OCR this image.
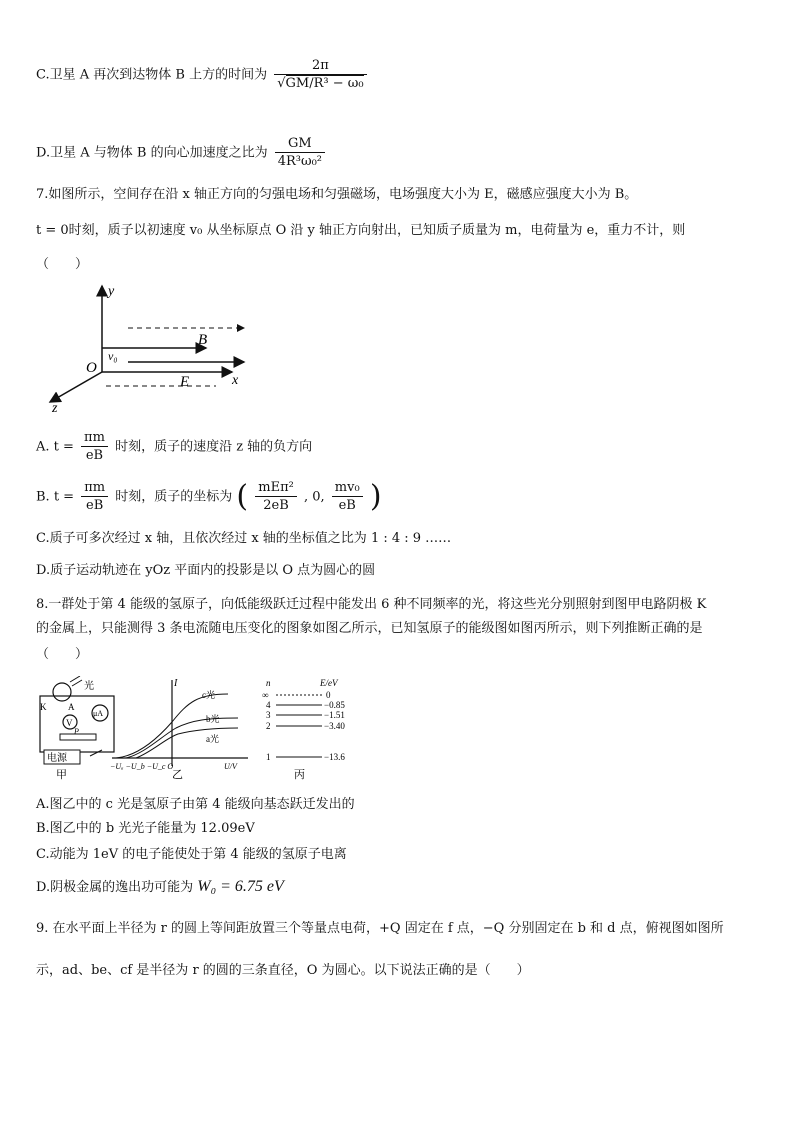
C.卫星 A 再次到达物体 B 上方的时间为 $\frac{2\pi}{\text{√GM/R³ − ω₀}}$
D.卫星 A 与物体 B 的向心加速度之比为 $\frac{GM}{\text{4R³ω₀²}}$
7.如图所示，空间存在沿 x 轴正方向的匀强电场和匀强磁场，电场强度大小为 E，磁感应强度大小为 B。
t = 0时刻，质子以初速度 v₀ 从坐标原点 O 沿 y 轴正方向射出，已知质子质量为 m，电荷量为 e，重力不计，则
（　　）
y
B
v₀
O
x
E
z
A. $t = \frac{\pi m}{eB}$ 时刻，质子的速度沿 z 轴的负方向
B. $t = \frac{\pi m}{eB}$ 时刻，质子的坐标为 ( $\frac{\text{mEπ²}}{2eB}$ , 0, $\frac{\text{mv₀}}{eB}$ )
C.质子可多次经过 x 轴，且依次经过 x 轴的坐标值之比为 1 : 4 : 9 ……
D.质子运动轨迹在 yOz 平面内的投影是以 O 点为圆心的圆
8.一群处于第 4 能级的氢原子，向低能级跃迁过程中能发出 6 种不同频率的光，将这些光分别照射到图甲电路阴极 K
的金属上，只能测得 3 条电流随电压变化的图象如图乙所示，已知氢原子的能级图如图丙所示，则下列推断正确的是
（　　）
光
K A
μA
V
P
电源
甲
I
c光
b光
a光
−Uₐ −U_b −U_c O	U/V
乙
n	E/eV
∞	0
4	−0.85
3	−1.51
2	−3.40
1	−13.6
丙
A.图乙中的 c 光是氢原子由第 4 能级向基态跃迁发出的
B.图乙中的 b 光光子能量为 12.09eV
C.动能为 1eV 的电子能使处于第 4 能级的氢原子电离
D.阴极金属的逸出功可能为 W₀ = 6.75 eV
9. 在水平面上半径为 r 的圆上等间距放置三个等量点电荷，+Q 固定在 f 点，−Q 分别固定在 b 和 d 点，俯视图如图所
示，ad、be、cf 是半径为 r 的圆的三条直径，O 为圆心。以下说法正确的是（　　）
